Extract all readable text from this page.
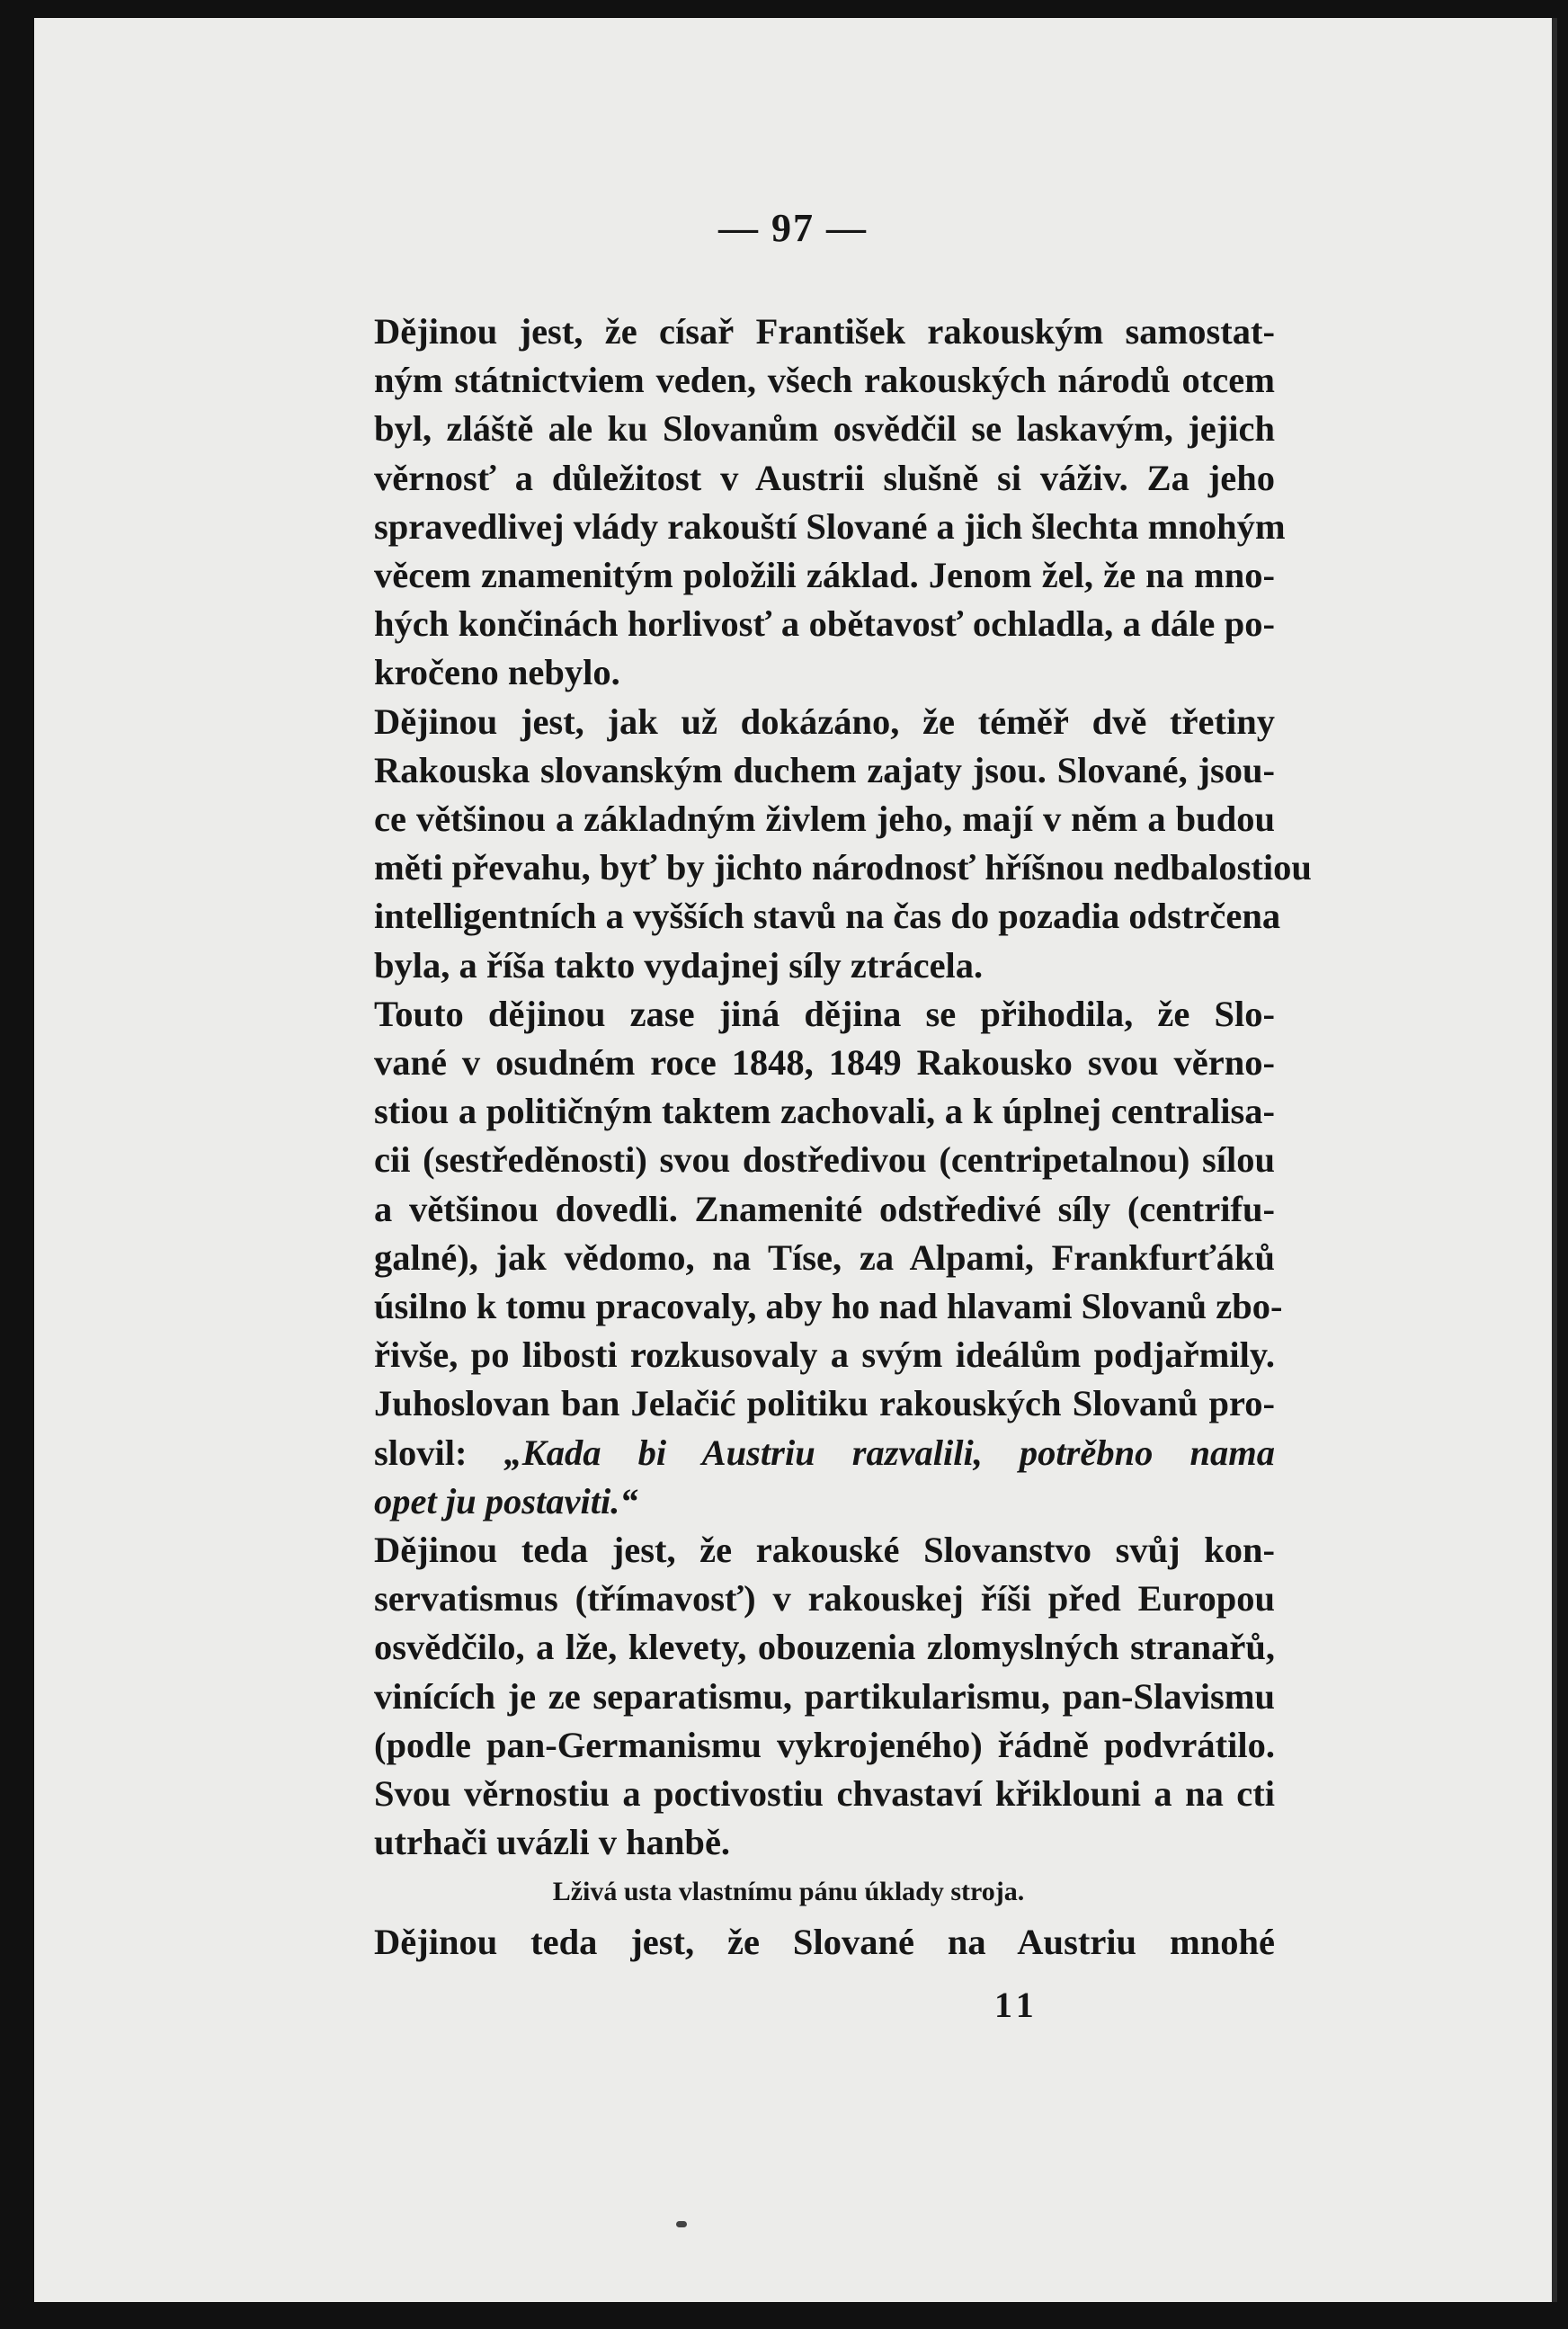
— 97 —

Dějinou jest, že císař František rakouským samostat-
ným státnictviem veden, všech rakouských národů otcem
byl, zláště ale ku Slovanům osvědčil se laskavým, jejich
věrnosť a důležitost v Austrii slušně si váživ. Za jeho
spravedlivej vlády rakouští Slované a jich šlechta mnohým
věcem znamenitým položili základ. Jenom žel, že na mno-
hých končinách horlivosť a obětavosť ochladla, a dále po-
kročeno nebylo.

Dějinou jest, jak už dokázáno, že téměř dvě třetiny
Rakouska slovanským duchem zajaty jsou. Slované, jsou-
ce většinou a základným živlem jeho, mají v něm a budou
měti převahu, byť by jichto národnosť hříšnou nedbalostiou
intelligentních a vyšších stavů na čas do pozadia odstrčena
byla, a říša takto vydajnej síly ztrácela.

Touto dějinou zase jiná dějina se přihodila, že Slo-
vané v osudném roce 1848, 1849 Rakousko svou věrno-
stiou a političným taktem zachovali, a k úplnej centralisa-
cii (sestředěnosti) svou dostředivou (centripetalnou) sílou
a většinou dovedli. Znamenité odstředivé síly (centrifu-
galné), jak vědomo, na Tíse, za Alpami, Frankfurťáků
úsilno k tomu pracovaly, aby ho nad hlavami Slovanů zbo-
řivše, po libosti rozkusovaly a svým ideálům podjařmily.
Juhoslovan ban Jelačić politiku rakouských Slovanů pro-
slovil: „Kada bi Austriu razvalili, potrěbno nama
opet ju postaviti.“

Dějinou teda jest, že rakouské Slovanstvo svůj kon-
servatismus (třímavosť) v rakouskej říši před Europou
osvědčilo, a lže, klevety, obouzenia zlomyslných stranařů,
vinících je ze separatismu, partikularismu, pan-Slavismu
(podle pan-Germanismu vykrojeného) řádně podvrátilo.
Svou věrnostiu a poctivostiu chvastaví křiklouni a na cti
utrhači uvázli v hanbě.

Lživá usta vlastnímu pánu úklady stroja.

Dějinou teda jest, že Slované na Austriu mnohé

11
